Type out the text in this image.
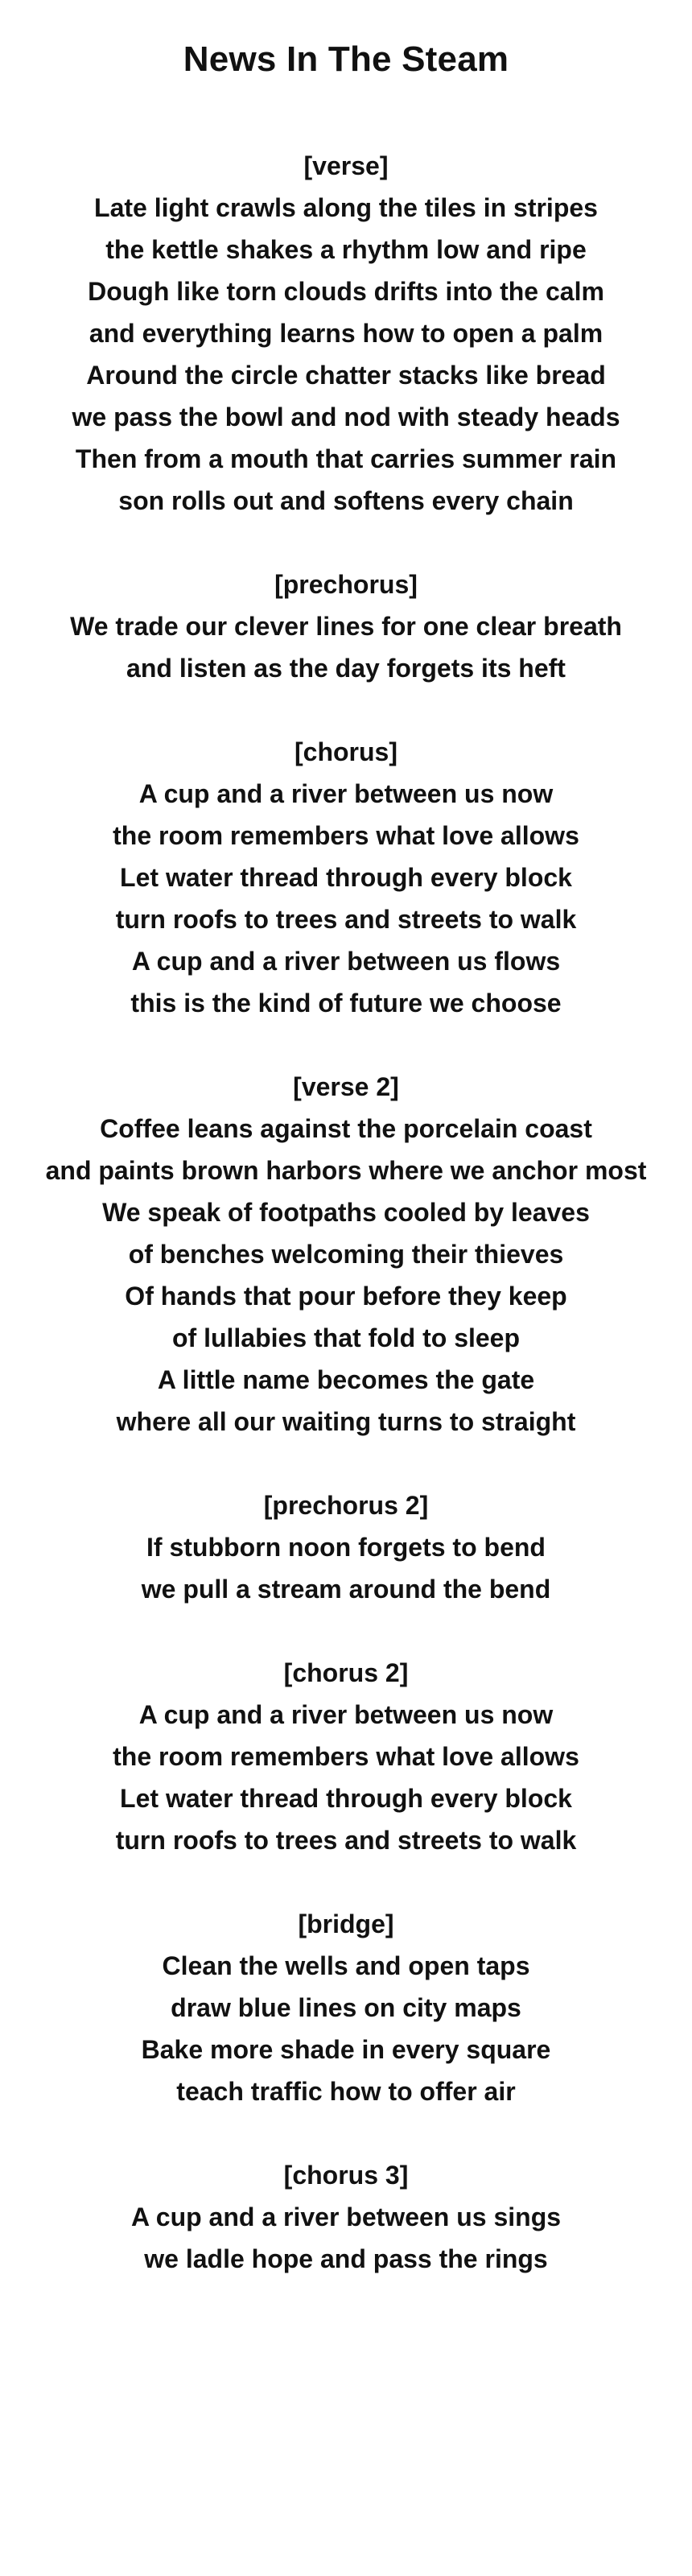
News In The Steam

[verse]

Late light crawls along the tiles in stripes

the kettle shakes a rhythm low and ripe

Dough like torn clouds drifts into the calm

and everything learns how to open a palm

Around the circle chatter stacks like bread

we pass the bowl and nod with steady heads

Then from a mouth that carries summer rain

son rolls out and softens every chain

[prechorus]

We trade our clever lines for one clear breath

and listen as the day forgets its heft

[chorus]

A cup and a river between us now

the room remembers what love allows

Let water thread through every block

turn roofs to trees and streets to walk

A cup and a river between us flows

this is the kind of future we choose

[verse 2]

Coffee leans against the porcelain coast

and paints brown harbors where we anchor most

We speak of footpaths cooled by leaves

of benches welcoming their thieves

Of hands that pour before they keep

of lullabies that fold to sleep

A little name becomes the gate

where all our waiting turns to straight

[prechorus 2]

If stubborn noon forgets to bend

we pull a stream around the bend

[chorus 2]

A cup and a river between us now

the room remembers what love allows

Let water thread through every block

turn roofs to trees and streets to walk

[bridge]

Clean the wells and open taps

draw blue lines on city maps

Bake more shade in every square

teach traffic how to offer air

[chorus 3]

A cup and a river between us sings

we ladle hope and pass the rings
